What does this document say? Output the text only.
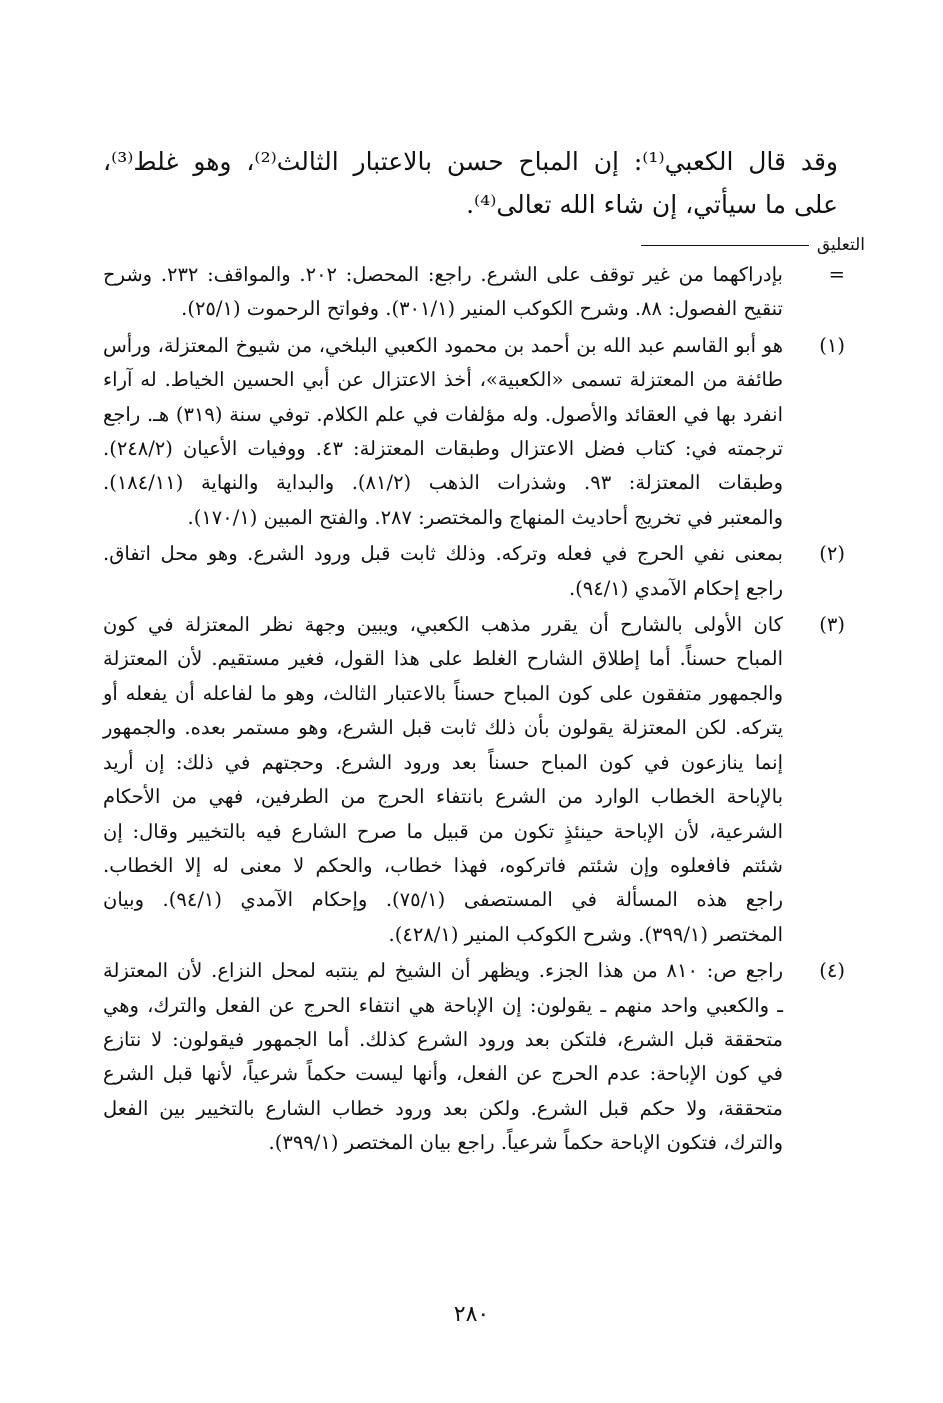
وقد قال الكعبي⁽¹⁾: إن المباح حسن بالاعتبار الثالث⁽²⁾، وهو غلط⁽³⁾،
على ما سيأتي، إن شاء الله تعالى⁽⁴⁾.
التعليق
=
بإدراكهما من غير توقف على الشرع. راجع: المحصل: ٢٠٢. والمواقف: ٢٣٢. وشرح
تنقيح الفصول: ٨٨. وشرح الكوكب المنير (٣٠١/١). وفواتح الرحموت (٢٥/١).
(١)
هو أبو القاسم عبد الله بن أحمد بن محمود الكعبي البلخي، من شيوخ المعتزلة، ورأس
طائفة من المعتزلة تسمى «الكعبية»، أخذ الاعتزال عن أبي الحسين الخياط. له آراء
انفرد بها في العقائد والأصول. وله مؤلفات في علم الكلام. توفي سنة (٣١٩) هـ. راجع
ترجمته في: كتاب فضل الاعتزال وطبقات المعتزلة: ٤٣. ووفيات الأعيان (٢٤٨/٢).
وطبقات المعتزلة: ٩٣. وشذرات الذهب (٨١/٢). والبداية والنهاية (١٨٤/١١).
والمعتبر في تخريج أحاديث المنهاج والمختصر: ٢٨٧. والفتح المبين (١٧٠/١).
(٢)
بمعنى نفي الحرج في فعله وتركه. وذلك ثابت قبل ورود الشرع. وهو محل اتفاق.
راجع إحكام الآمدي (٩٤/١).
(٣)
كان الأولى بالشارح أن يقرر مذهب الكعبي، ويبين وجهة نظر المعتزلة في كون
المباح حسناً. أما إطلاق الشارح الغلط على هذا القول، فغير مستقيم. لأن المعتزلة
والجمهور متفقون على كون المباح حسناً بالاعتبار الثالث، وهو ما لفاعله أن يفعله أو
يتركه. لكن المعتزلة يقولون بأن ذلك ثابت قبل الشرع، وهو مستمر بعده. والجمهور
إنما ينازعون في كون المباح حسناً بعد ورود الشرع. وحجتهم في ذلك: إن أريد
بالإباحة الخطاب الوارد من الشرع بانتفاء الحرج من الطرفين، فهي من الأحكام
الشرعية، لأن الإباحة حينئذٍ تكون من قبيل ما صرح الشارع فيه بالتخيير وقال: إن
شئتم فافعلوه وإن شئتم فاتركوه، فهذا خطاب، والحكم لا معنى له إلا الخطاب.
راجع هذه المسألة في المستصفى (٧٥/١). وإحكام الآمدي (٩٤/١). وبيان
المختصر (٣٩٩/١). وشرح الكوكب المنير (٤٢٨/١).
(٤)
راجع ص: ٨١٠ من هذا الجزء. ويظهر أن الشيخ لم ينتبه لمحل النزاع. لأن المعتزلة
ـ والكعبي واحد منهم ـ يقولون: إن الإباحة هي انتفاء الحرج عن الفعل والترك، وهي
متحققة قبل الشرع، فلتكن بعد ورود الشرع كذلك. أما الجمهور فيقولون: لا نتازع
في كون الإباحة: عدم الحرج عن الفعل، وأنها ليست حكماً شرعياً، لأنها قبل الشرع
متحققة، ولا حكم قبل الشرع. ولكن بعد ورود خطاب الشارع بالتخيير بين الفعل
والترك، فتكون الإباحة حكماً شرعياً. راجع بيان المختصر (٣٩٩/١).
٢٨٠
